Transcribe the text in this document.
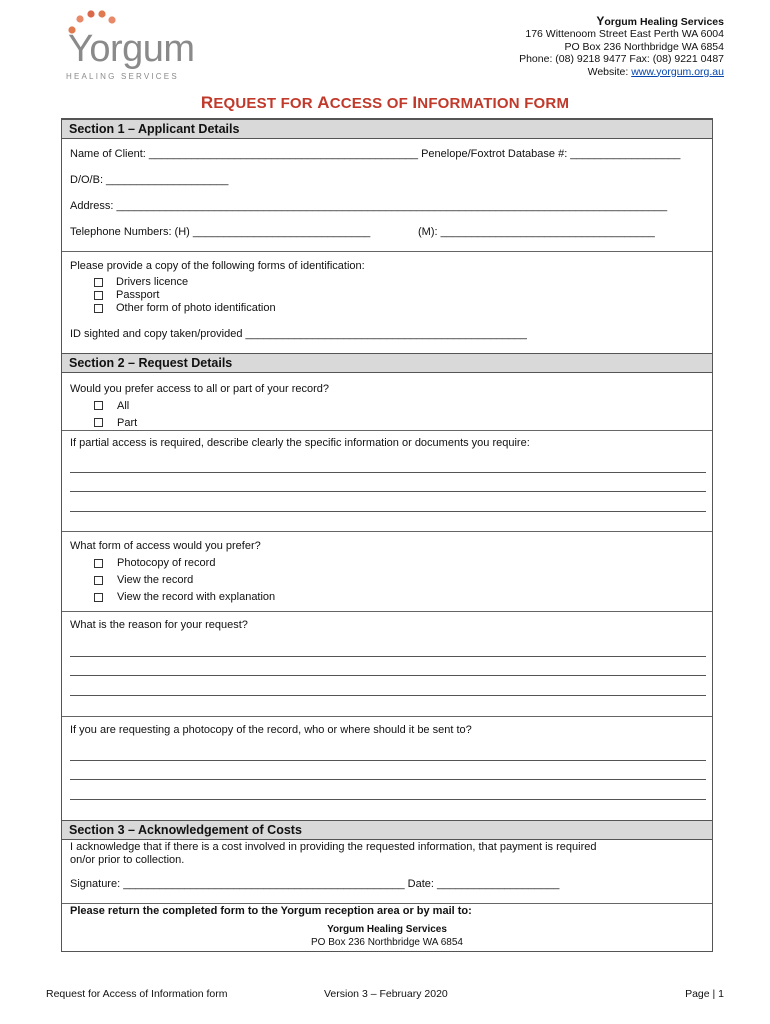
Yorgum
HEALING SERVICES
Yorgum Healing Services
176 Wittenoom Street East Perth WA 6004
PO Box 236 Northbridge WA 6854
Phone: (08) 9218 9477 Fax: (08) 9221 0487
Website: www.yorgum.org.au
REQUEST FOR ACCESS OF INFORMATION FORM
Section 1 – Applicant Details
Name of Client: ____________________________________________ Penelope/Foxtrot Database #: __________________
D/O/B: ____________________
Address: __________________________________________________________________________________________
Telephone Numbers: (H) _____________________________	(M): ___________________________________
Please provide a copy of the following forms of identification:
Drivers licence
Passport
Other form of photo identification
ID sighted and copy taken/provided ______________________________________________
Section 2 – Request Details
Would you prefer access to all or part of your record?
All
Part
If partial access is required, describe clearly the specific information or documents you require:
What form of access would you prefer?
Photocopy of record
View the record
View the record with explanation
What is the reason for your request?
If you are requesting a photocopy of the record, who or where should it be sent to?
Section 3 – Acknowledgement of Costs
I acknowledge that if there is a cost involved in providing the requested information, that payment is required
on/or prior to collection.
Signature: ______________________________________________ Date: ____________________
Please return the completed form to the Yorgum reception area or by mail to:
Yorgum Healing Services
PO Box 236 Northbridge WA 6854
Request for Access of Information form	Version 3 – February 2020	Page | 1
